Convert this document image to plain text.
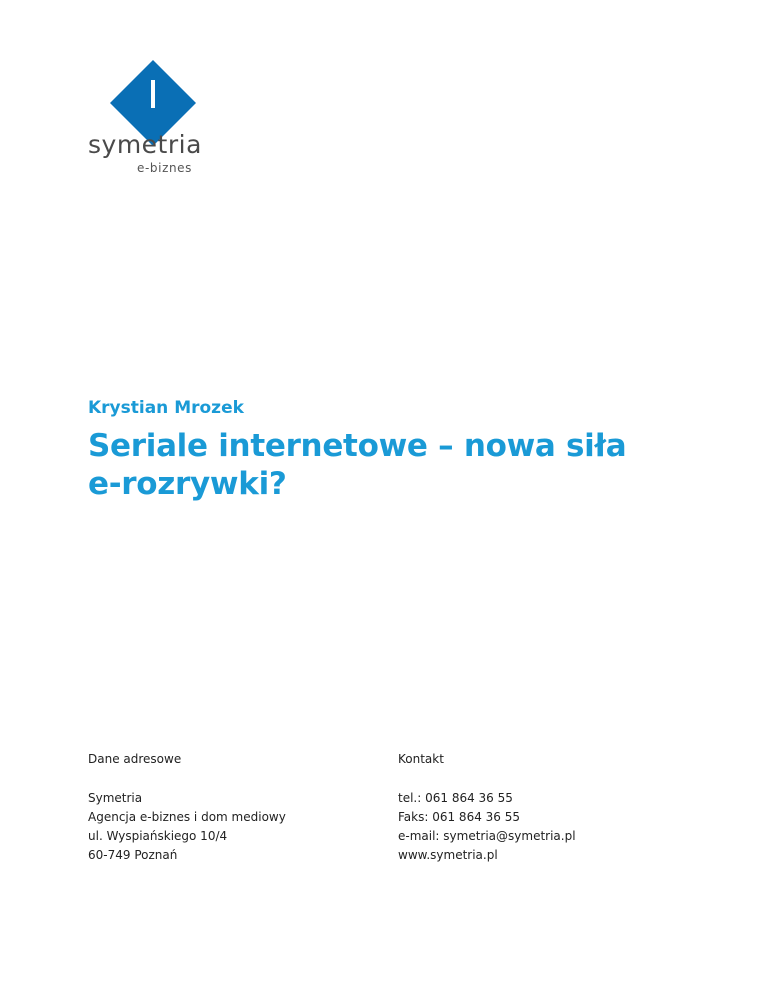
symetria
e-biznes
Krystian Mrozek
Seriale internetowe – nowa siła
e-rozrywki?
Dane adresowe
Symetria
Agencja e-biznes i dom mediowy
ul. Wyspiańskiego 10/4
60-749 Poznań
Kontakt
tel.: 061 864 36 55
Faks: 061 864 36 55
e-mail: symetria@symetria.pl
www.symetria.pl
